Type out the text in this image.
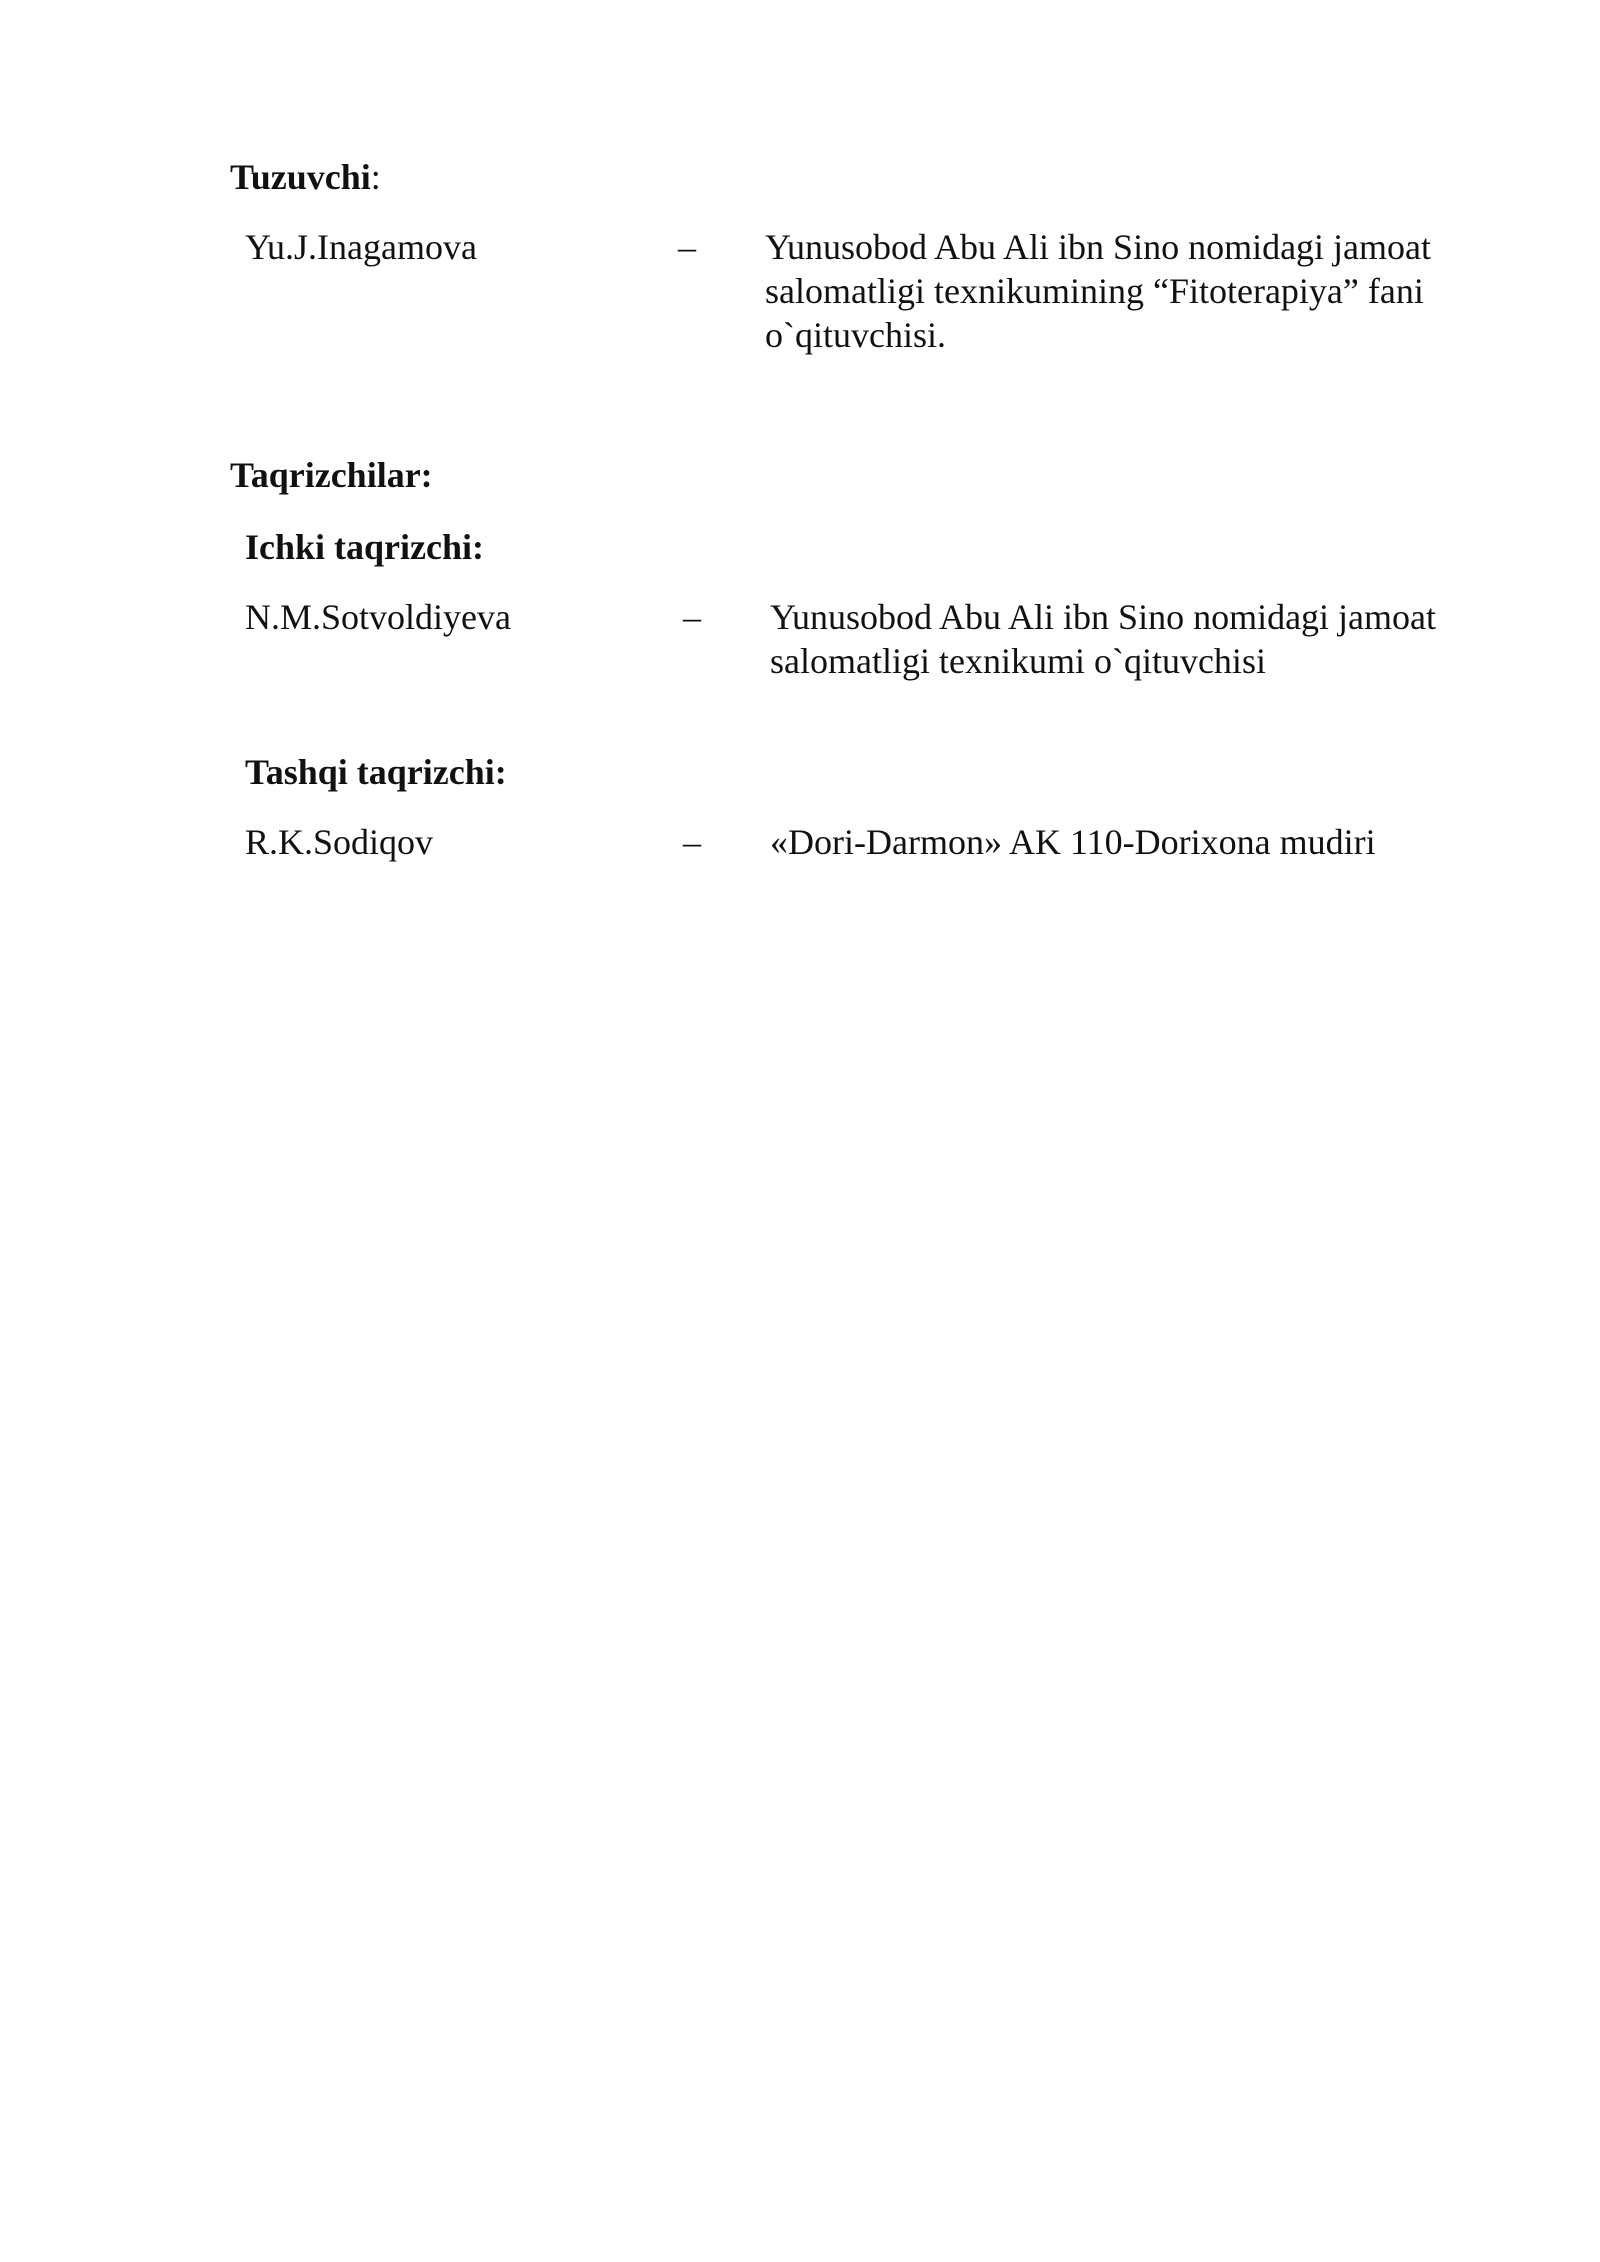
Tuzuvchi:
Yu.J.Inagamova	– Yunusobod Abu Ali ibn Sino nomidagi jamoat
salomatligi texnikumining “Fitoterapiya” fani
o`qituvchisi.
Taqrizchilar:
Ichki taqrizchi:
N.M.Sotvoldiyeva	– Yunusobod Abu Ali ibn Sino nomidagi jamoat
salomatligi texnikumi o`qituvchisi
Tashqi taqrizchi:
R.K.Sodiqov	– «Dori-Darmon» AK 110-Dorixona mudiri
